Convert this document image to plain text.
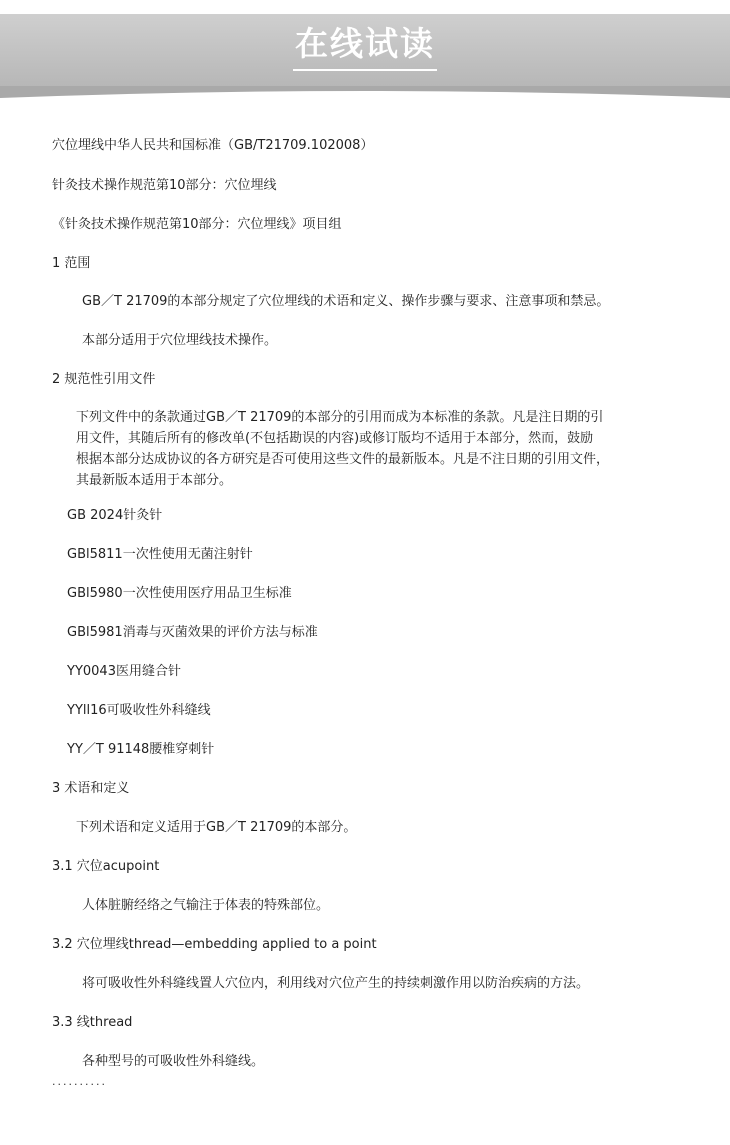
在线试读
穴位埋线中华人民共和国标准（GB/T21709.102008）
针灸技术操作规范第10部分：穴位埋线
《针灸技术操作规范第10部分：穴位埋线》项目组
1 范围
GB／T 21709的本部分规定了穴位埋线的术语和定义、操作步骤与要求、注意事项和禁忌。
本部分适用于穴位埋线技术操作。
2 规范性引用文件
下列文件中的条款通过GB／T 21709的本部分的引用而成为本标准的条款。凡是注日期的引
用文件，其随后所有的修改单(不包括勘误的内容)或修订版均不适用于本部分，然而，鼓励
根据本部分达成协议的各方研究是否可使用这些文件的最新版本。凡是不注日期的引用文件，
其最新版本适用于本部分。
GB 2024针灸针
GBl5811一次性使用无菌注射针
GBl5980一次性使用医疗用品卫生标准
GBl5981消毒与灭菌效果的评价方法与标准
YY0043医用缝合针
YYll16可吸收性外科缝线
YY／T 91148腰椎穿刺针
3 术语和定义
下列术语和定义适用于GB／T 21709的本部分。
3.1 穴位acupoint
人体脏腑经络之气输注于体表的特殊部位。
3.2 穴位埋线thread—embedding applied to a point
将可吸收性外科缝线置人穴位内，利用线对穴位产生的持续刺激作用以防治疾病的方法。
3.3 线thread
各种型号的可吸收性外科缝线。
..........
